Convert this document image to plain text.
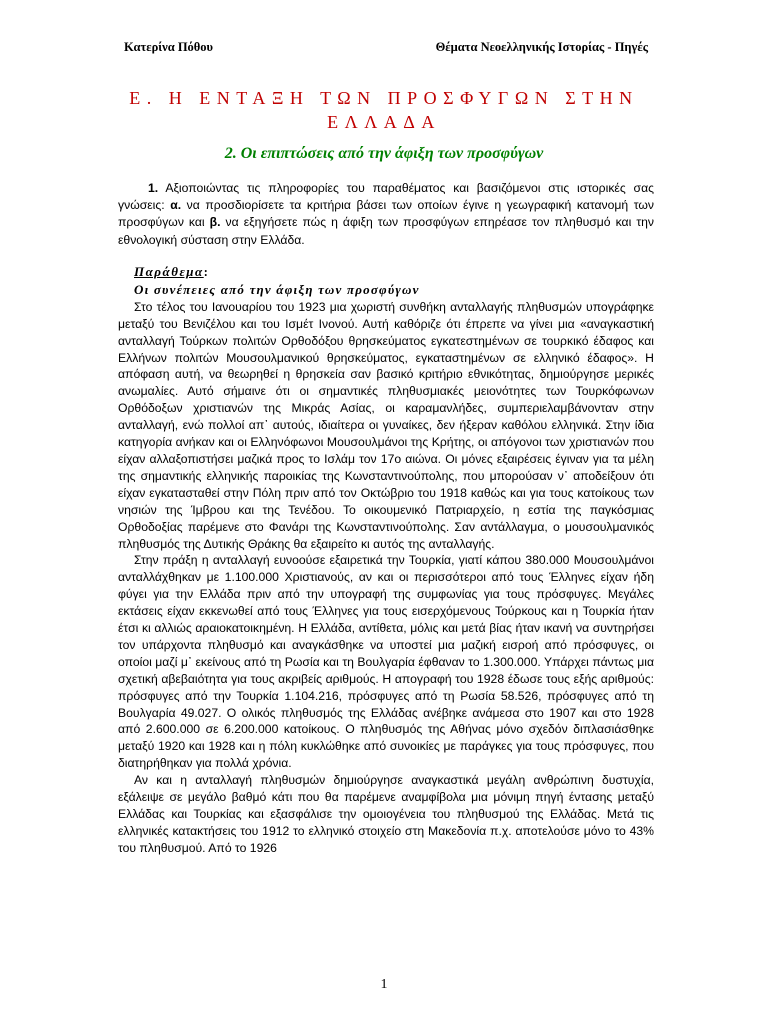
Κατερίνα Πόθου	Θέματα Νεοελληνικής Ιστορίας - Πηγές
Ε. Η ΕΝΤΑΞΗ ΤΩΝ ΠΡΟΣΦΥΓΩΝ ΣΤΗΝ ΕΛΛΑΔΑ
2. Οι επιπτώσεις από την άφιξη των προσφύγων
1. Αξιοποιώντας τις πληροφορίες του παραθέματος και βασιζόμενοι στις ιστορικές σας γνώσεις: α. να προσδιορίσετε τα κριτήρια βάσει των οποίων έγινε η γεωγραφική κατανομή των προσφύγων και β. να εξηγήσετε πώς η άφιξη των προσφύγων επηρέασε τον πληθυσμό και την εθνολογική σύσταση στην Ελλάδα.
Παράθεμα:
Οι συνέπειες από την άφιξη των προσφύγων

Στο τέλος του Ιανουαρίου του 1923 μια χωριστή συνθήκη ανταλλαγής πληθυσμών υπογράφηκε μεταξύ του Βενιζέλου και του Ισμέτ Ινονού. Αυτή καθόριζε ότι έπρεπε να γίνει μια «αναγκαστική ανταλλαγή Τούρκων πολιτών Ορθοδόξου θρησκεύματος εγκατεστημένων σε τουρκικό έδαφος και Ελλήνων πολιτών Μουσουλμανικού θρησκεύματος, εγκαταστημένων σε ελληνικό έδαφος». Η απόφαση αυτή, να θεωρηθεί η θρησκεία σαν βασικό κριτήριο εθνικότητας, δημιούργησε μερικές ανωμαλίες. Αυτό σήμαινε ότι οι σημαντικές πληθυσμιακές μειονότητες των Τουρκόφωνων Ορθόδοξων χριστιανών της Μικράς Ασίας, οι καραμανλήδες, συμπεριελαμβάνονταν στην ανταλλαγή, ενώ πολλοί απ᾽ αυτούς, ιδιαίτερα οι γυναίκες, δεν ήξεραν καθόλου ελληνικά. Στην ίδια κατηγορία ανήκαν και οι Ελληνόφωνοι Μουσουλμάνοι της Κρήτης, οι απόγονοι των χριστιανών που είχαν αλλαξοπιστήσει μαζικά προς το Ισλάμ τον 17ο αιώνα. Οι μόνες εξαιρέσεις έγιναν για τα μέλη της σημαντικής ελληνικής παροικίας της Κωνσταντινούπολης, που μπορούσαν ν᾽ αποδείξουν ότι είχαν εγκατασταθεί στην Πόλη πριν από τον Οκτώβριο του 1918 καθώς και για τους κατοίκους των νησιών της Ίμβρου και της Τενέδου. Το οικουμενικό Πατριαρχείο, η εστία της παγκόσμιας Ορθοδοξίας παρέμενε στο Φανάρι της Κωνσταντινούπολης. Σαν αντάλλαγμα, ο μουσουλμανικός πληθυσμός της Δυτικής Θράκης θα εξαιρείτο κι αυτός της ανταλλαγής.

Στην πράξη η ανταλλαγή ευνοούσε εξαιρετικά την Τουρκία, γιατί κάπου 380.000 Μουσουλμάνοι ανταλλάχθηκαν με 1.100.000 Χριστιανούς, αν και οι περισσότεροι από τους Έλληνες είχαν ήδη φύγει για την Ελλάδα πριν από την υπογραφή της συμφωνίας για τους πρόσφυγες. Μεγάλες εκτάσεις είχαν εκκενωθεί από τους Έλληνες για τους εισερχόμενους Τούρκους και η Τουρκία ήταν έτσι κι αλλιώς αραιοκατοικημένη. Η Ελλάδα, αντίθετα, μόλις και μετά βίας ήταν ικανή να συντηρήσει τον υπάρχοντα πληθυσμό και αναγκάσθηκε να υποστεί μια μαζική εισροή από πρόσφυγες, οι οποίοι μαζί μ᾽ εκείνους από τη Ρωσία και τη Βουλγαρία έφθαναν το 1.300.000. Υπάρχει πάντως μια σχετική αβεβαιότητα για τους ακριβείς αριθμούς. Η απογραφή του 1928 έδωσε τους εξής αριθμούς: πρόσφυγες από την Τουρκία 1.104.216, πρόσφυγες από τη Ρωσία 58.526, πρόσφυγες από τη Βουλγαρία 49.027. Ο ολικός πληθυσμός της Ελλάδας ανέβηκε ανάμεσα στο 1907 και στο 1928 από 2.600.000 σε 6.200.000 κατοίκους. Ο πληθυσμός της Αθήνας μόνο σχεδόν διπλασιάσθηκε μεταξύ 1920 και 1928 και η πόλη κυκλώθηκε από συνοικίες με παράγκες για τους πρόσφυγες, που διατηρήθηκαν για πολλά χρόνια.

Αν και η ανταλλαγή πληθυσμών δημιούργησε αναγκαστικά μεγάλη ανθρώπινη δυστυχία, εξάλειψε σε μεγάλο βαθμό κάτι που θα παρέμενε αναμφίβολα μια μόνιμη πηγή έντασης μεταξύ Ελλάδας και Τουρκίας και εξασφάλισε την ομοιογένεια του πληθυσμού της Ελλάδας. Μετά τις ελληνικές κατακτήσεις του 1912 το ελληνικό στοιχείο στη Μακεδονία π.χ. αποτελούσε μόνο το 43% του πληθυσμού. Από το 1926

1
